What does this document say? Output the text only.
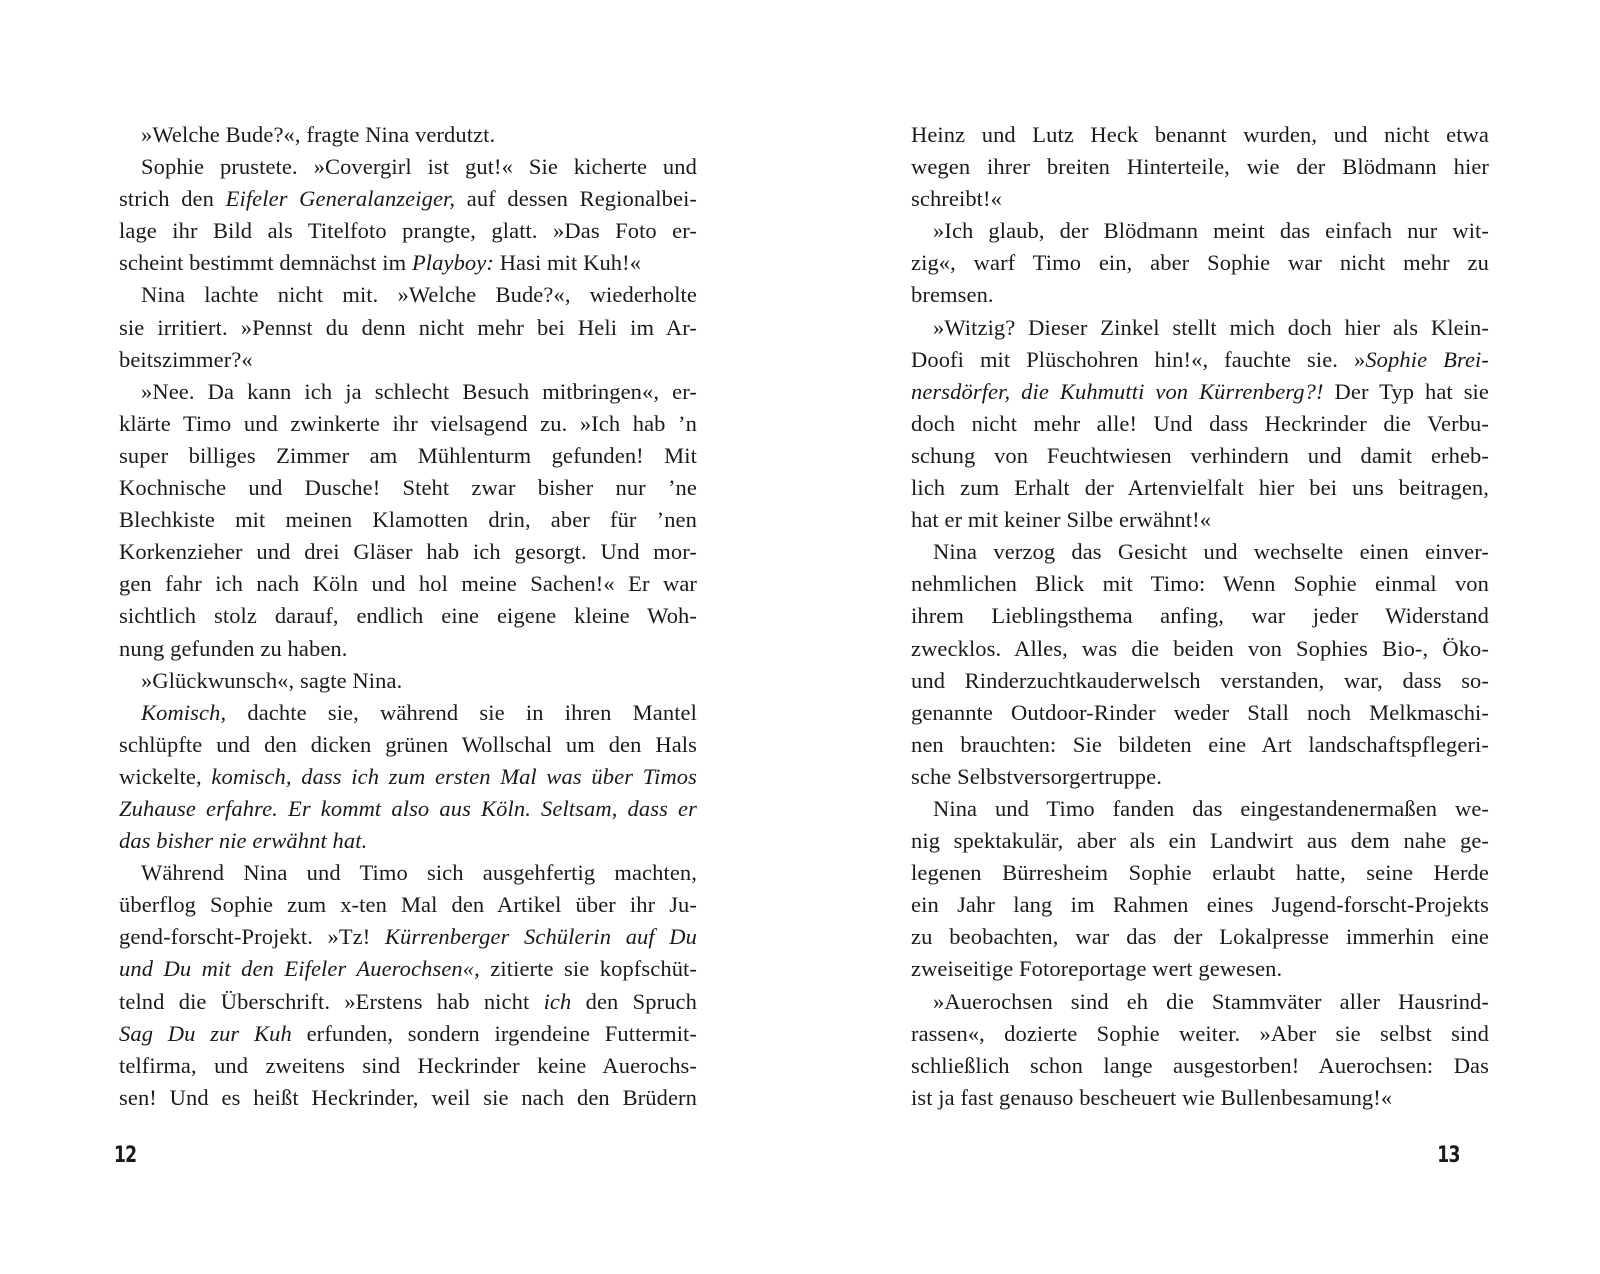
»Welche Bude?«, fragte Nina verdutzt.
Sophie prustete. »Covergirl ist gut!« Sie kicherte und
strich den Eifeler Generalanzeiger, auf dessen Regionalbei-
lage ihr Bild als Titelfoto prangte, glatt. »Das Foto er-
scheint bestimmt demnächst im Playboy: Hasi mit Kuh!«
Nina lachte nicht mit. »Welche Bude?«, wiederholte
sie irritiert. »Pennst du denn nicht mehr bei Heli im Ar-
beitszimmer?«
»Nee. Da kann ich ja schlecht Besuch mitbringen«, er-
klärte Timo und zwinkerte ihr vielsagend zu. »Ich hab ’n
super billiges Zimmer am Mühlenturm gefunden! Mit
Kochnische und Dusche! Steht zwar bisher nur ’ne
Blechkiste mit meinen Klamotten drin, aber für ’nen
Korkenzieher und drei Gläser hab ich gesorgt. Und mor-
gen fahr ich nach Köln und hol meine Sachen!« Er war
sichtlich stolz darauf, endlich eine eigene kleine Woh-
nung gefunden zu haben.
»Glückwunsch«, sagte Nina.
Komisch, dachte sie, während sie in ihren Mantel
schlüpfte und den dicken grünen Wollschal um den Hals
wickelte, komisch, dass ich zum ersten Mal was über Timos
Zuhause erfahre. Er kommt also aus Köln. Seltsam, dass er
das bisher nie erwähnt hat.
Während Nina und Timo sich ausgehfertig machten,
überflog Sophie zum x-ten Mal den Artikel über ihr Ju-
gend-forscht-Projekt. »Tz! Kürrenberger Schülerin auf Du
und Du mit den Eifeler Auerochsen«, zitierte sie kopfschüt-
telnd die Überschrift. »Erstens hab nicht ich den Spruch
Sag Du zur Kuh erfunden, sondern irgendeine Futtermit-
telfirma, und zweitens sind Heckrinder keine Auerochs-
sen! Und es heißt Heckrinder, weil sie nach den Brüdern
12
Heinz und Lutz Heck benannt wurden, und nicht etwa
wegen ihrer breiten Hinterteile, wie der Blödmann hier
schreibt!«
»Ich glaub, der Blödmann meint das einfach nur wit-
zig«, warf Timo ein, aber Sophie war nicht mehr zu
bremsen.
»Witzig? Dieser Zinkel stellt mich doch hier als Klein-
Doofi mit Plüschohren hin!«, fauchte sie. »Sophie Brei-
nersdörfer, die Kuhmutti von Kürrenberg?! Der Typ hat sie
doch nicht mehr alle! Und dass Heckrinder die Verbu-
schung von Feuchtwiesen verhindern und damit erheb-
lich zum Erhalt der Artenvielfalt hier bei uns beitragen,
hat er mit keiner Silbe erwähnt!«
Nina verzog das Gesicht und wechselte einen einver-
nehmlichen Blick mit Timo: Wenn Sophie einmal von
ihrem Lieblingsthema anfing, war jeder Widerstand
zwecklos. Alles, was die beiden von Sophies Bio-, Öko-
und Rinderzuchtkauderwelsch verstanden, war, dass so-
genannte Outdoor-Rinder weder Stall noch Melkmaschi-
nen brauchten: Sie bildeten eine Art landschaftspflegeri-
sche Selbstversorgertruppe.
Nina und Timo fanden das eingestandenermaßen we-
nig spektakulär, aber als ein Landwirt aus dem nahe ge-
legenen Bürresheim Sophie erlaubt hatte, seine Herde
ein Jahr lang im Rahmen eines Jugend-forscht-Projekts
zu beobachten, war das der Lokalpresse immerhin eine
zweiseitige Fotoreportage wert gewesen.
»Auerochsen sind eh die Stammväter aller Hausrind-
rassen«, dozierte Sophie weiter. »Aber sie selbst sind
schließlich schon lange ausgestorben! Auerochsen: Das
ist ja fast genauso bescheuert wie Bullenbesamung!«
13
